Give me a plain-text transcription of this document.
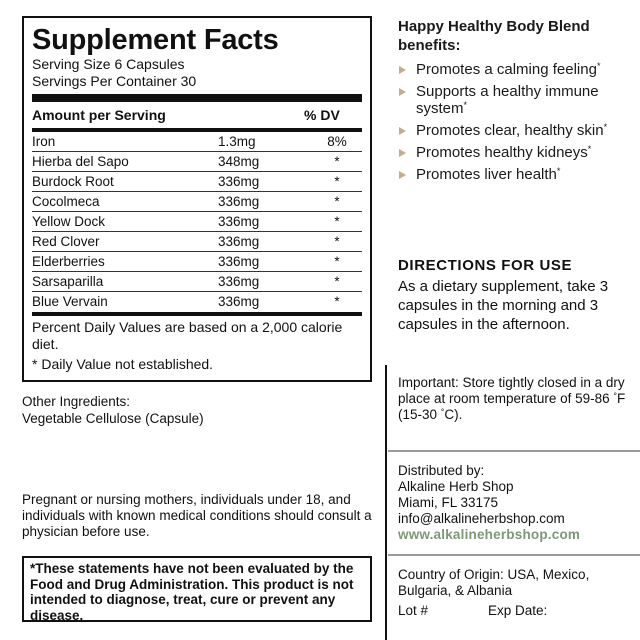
Supplement Facts
Serving Size 6 Capsules
Servings Per Container 30
Amount per Serving	% DV
Iron	1.3mg	8%
Hierba del Sapo	348mg	*
Burdock Root	336mg	*
Cocolmeca	336mg	*
Yellow Dock	336mg	*
Red Clover	336mg	*
Elderberries	336mg	*
Sarsaparilla	336mg	*
Blue Vervain	336mg	*
Percent Daily Values are based on a 2,000 calorie diet.
* Daily Value not established.
Other Ingredients:
Vegetable Cellulose (Capsule)
Pregnant or nursing mothers, individuals under 18, and individuals with known medical conditions should consult a physician before use.
*These statements have not been evaluated by the Food and Drug Administration. This product is not intended to diagnose, treat, cure or prevent any disease.
Happy Healthy Body Blend benefits:
Promotes a calming feeling*
Supports a healthy immune system*
Promotes clear, healthy skin*
Promotes healthy kidneys*
Promotes liver health*
DIRECTIONS FOR USE
As a dietary supplement, take 3 capsules in the morning and 3 capsules in the afternoon.
Important: Store tightly closed in a dry place at room temperature of 59-86 °F
(15-30 °C).
Distributed by:
Alkaline Herb Shop
Miami, FL 33175
info@alkalineherbshop.com
www.alkalineherbshop.com
Country of Origin: USA, Mexico, Bulgaria, & Albania
Lot #	Exp Date:
